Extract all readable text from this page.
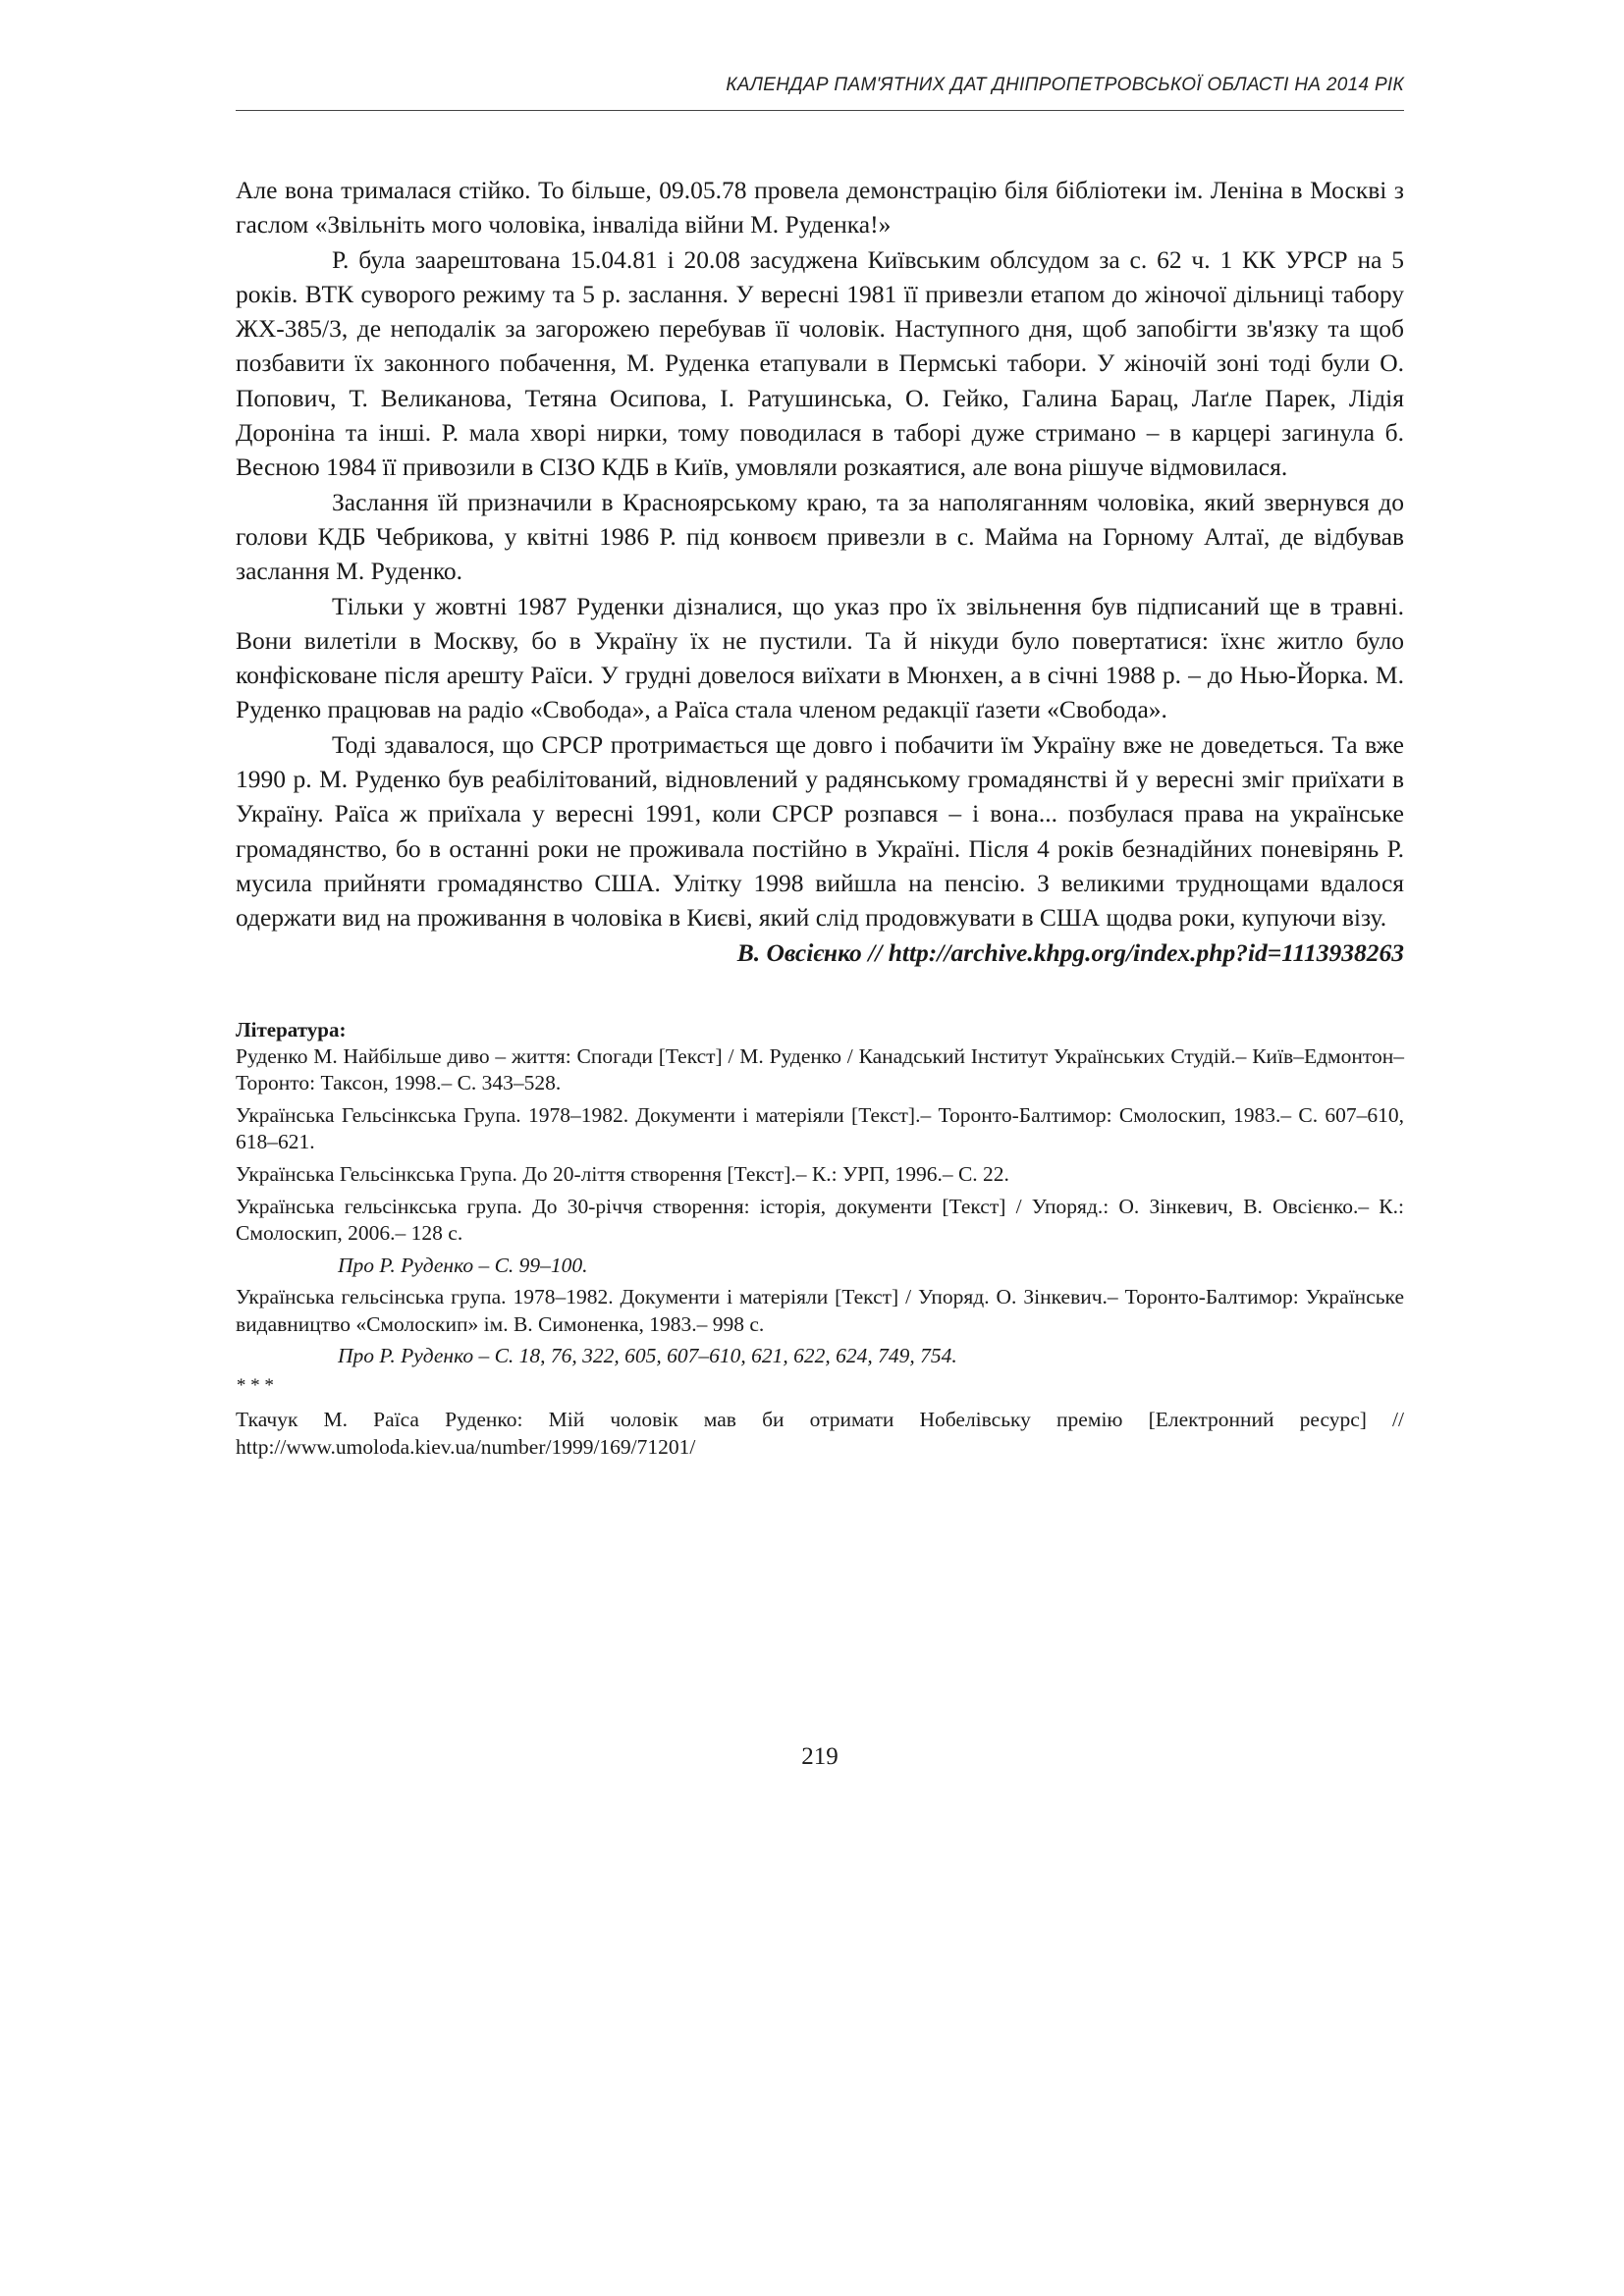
КАЛЕНДАР ПАМ'ЯТНИХ ДАТ ДНІПРОПЕТРОВСЬКОЇ ОБЛАСТІ НА 2014 РІК

Але вона трималася стійко. То більше, 09.05.78 провела демонстрацію біля бібліотеки ім. Леніна в Москві з гаслом «Звільніть мого чоловіка, інваліда війни М. Руденка!»

Р. була заарештована 15.04.81 і 20.08 засуджена Київським облсудом за с. 62 ч. 1 КК УРСР на 5 років. ВТК суворого режиму та 5 р. заслання. У вересні 1981 її привезли етапом до жіночої дільниці табору ЖХ-385/3, де неподалік за загорожею перебував її чоловік. Наступного дня, щоб запобігти зв'язку та щоб позбавити їх законного побачення, М. Руденка етапували в Пермські табори. У жіночій зоні тоді були О. Попович, Т. Великанова, Тетяна Осипова, І. Ратушинська, О. Гейко, Галина Барац, Лаґле Парек, Лідія Дороніна та інші. Р. мала хворі нирки, тому поводилася в таборі дуже стримано – в карцері загинула б. Весною 1984 її привозили в СІЗО КДБ в Київ, умовляли розкаятися, але вона рішуче відмовилася.

Заслання їй призначили в Красноярському краю, та за наполяганням чоловіка, який звернувся до голови КДБ Чебрикова, у квітні 1986 Р. під конвоєм привезли в с. Майма на Горному Алтаї, де відбував заслання М. Руденко.

Тільки у жовтні 1987 Руденки дізналися, що указ про їх звільнення був підписаний ще в травні. Вони вилетіли в Москву, бо в Україну їх не пустили. Та й нікуди було повертатися: їхнє житло було конфісковане після арешту Раїси. У грудні довелося виїхати в Мюнхен, а в січні 1988 р. – до Нью-Йорка. М. Руденко працював на радіо «Свобода», а Раїса стала членом редакції ґазети «Свобода».

Тоді здавалося, що СРСР протримається ще довго і побачити їм Україну вже не доведеться. Та вже 1990 р. М. Руденко був реабілітований, відновлений у радянському громадянстві й у вересні зміг приїхати в Україну. Раїса ж приїхала у вересні 1991, коли СРСР розпався – і вона... позбулася права на українське громадянство, бо в останні роки не проживала постійно в Україні. Після 4 років безнадійних поневірянь Р. мусила прийняти громадянство США. Улітку 1998 вийшла на пенсію. З великими труднощами вдалося одержати вид на проживання в чоловіка в Києві, який слід продовжувати в США щодва роки, купуючи візу.

В. Овсієнко // http://archive.khpg.org/index.php?id=1113938263

Література:

Руденко М. Найбільше диво – життя: Спогади [Текст] / М. Руденко / Канадський Інститут Українських Студій.– Київ–Едмонтон–Торонто: Таксон, 1998.– С. 343–528.

Українська Гельсінкська Група. 1978–1982. Документи і матеріяли [Текст].– Торонто-Балтимор: Смолоскип, 1983.– С. 607–610, 618–621.

Українська Гельсінкська Група. До 20-ліття створення [Текст].– К.: УРП, 1996.– С. 22.

Українська гельсінкська група. До 30-річчя створення: історія, документи [Текст] / Упоряд.: О. Зінкевич, В. Овсієнко.– К.: Смолоскип, 2006.– 128 с.

Про Р. Руденко – С. 99–100.

Українська гельсінська група. 1978–1982. Документи і матеріяли [Текст] / Упоряд. О. Зінкевич.– Торонто-Балтимор: Українське видавництво «Смолоскип» ім. В. Симоненка, 1983.– 998 с.

Про Р. Руденко – С. 18, 76, 322, 605, 607–610, 621, 622, 624, 749, 754.

* * *

Ткачук М. Раїса Руденко: Мій чоловік мав би отримати Нобелівську премію [Електронний ресурс] // http://www.umoloda.kiev.ua/number/1999/169/71201/

219
